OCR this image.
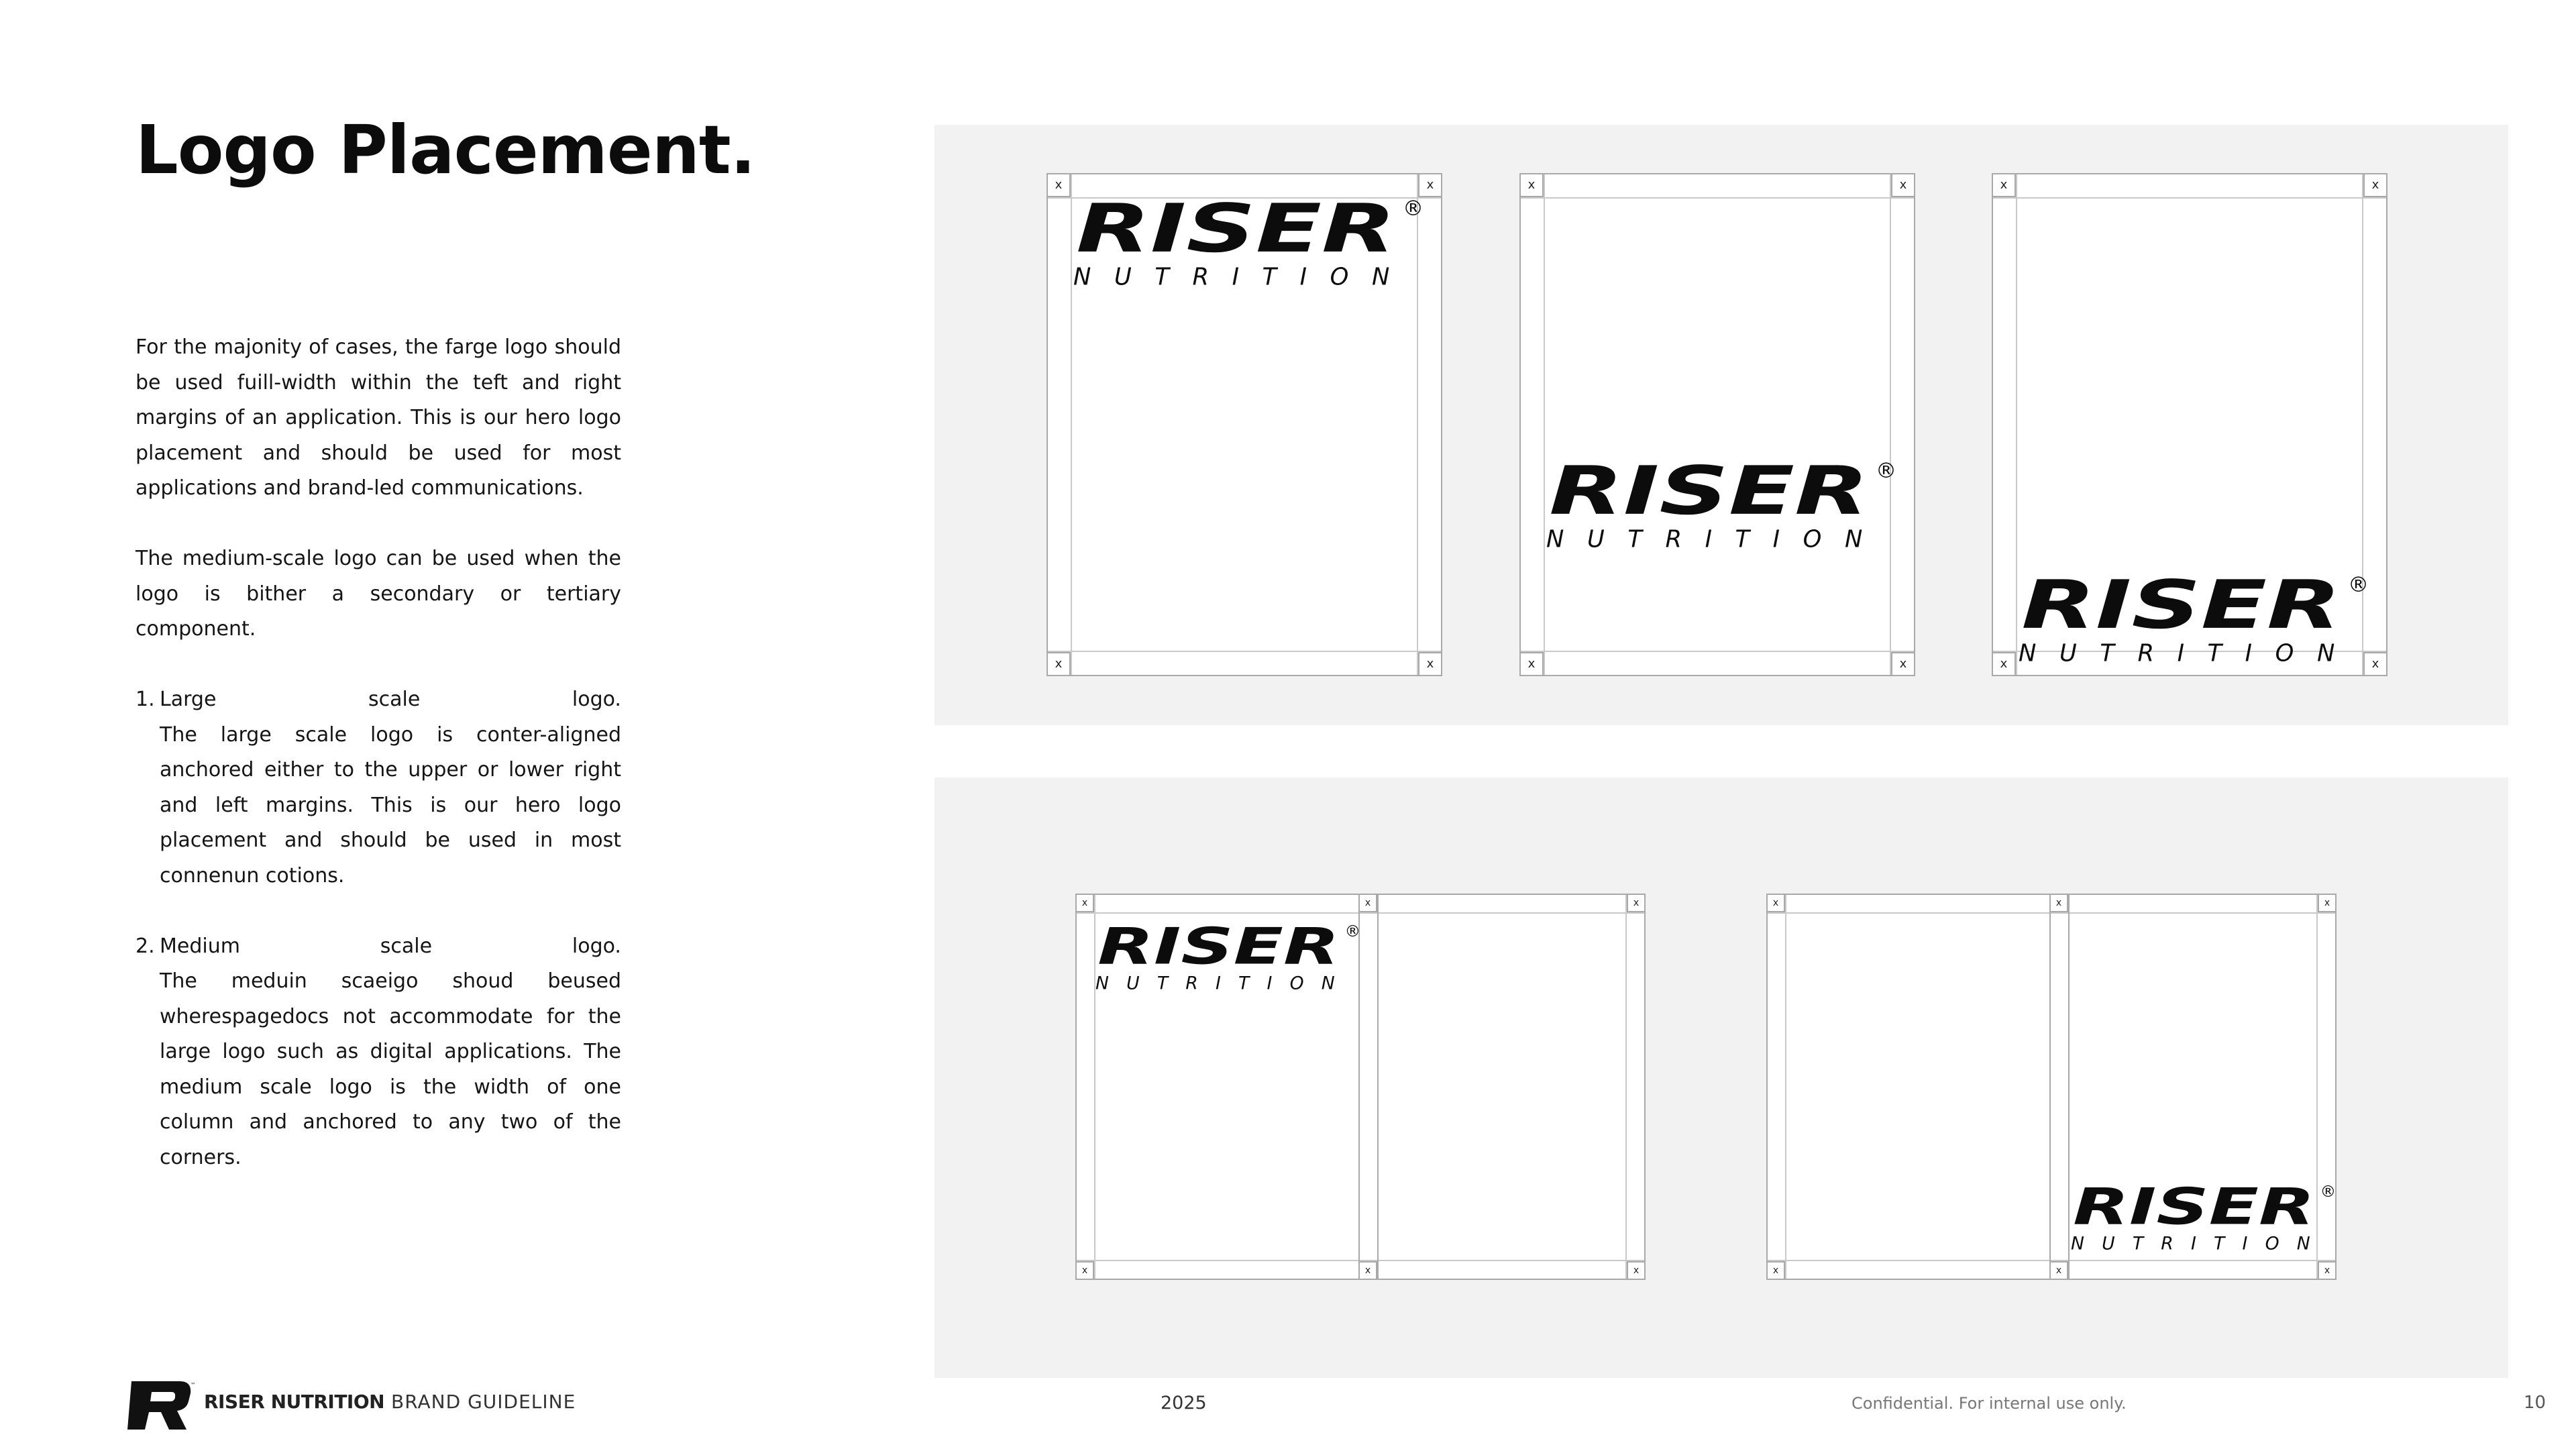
Logo Placement.

For the majonity of cases, the farge logo should be used fuill-width within the teft and right margins of an application. This is our hero logo placement and should be used for most applications and brand-led communications.

The medium-scale logo can be used when the logo is bither a secondary or tertiary component.

1. Large	scale	logo.

The large scale logo is conter-aligned anchored either to the upper or lower right and left margins. This is our hero logo placement and should be used in most connenun cotions.

2. Medium	scale	logo.

The meduin scaeigo shoud beused wherespagedocs not accommodate for the large logo such as digital applications. The medium scale logo is the width of one column and anchored to any two of the corners.

x	x
x	x
RISER ®
NUTRITION
x	x
x	x
RISER ®
NUTRITION
x	x
x	x
RISER ®
NUTRITION
x	x
x	x
x
x
RISER ®
NUTRITION
x	x
x	x
x
x
RISER ®
NUTRITION
™
RISER NUTRITION BRAND GUIDELINE	2025	Confidential. For internal use only.	10
